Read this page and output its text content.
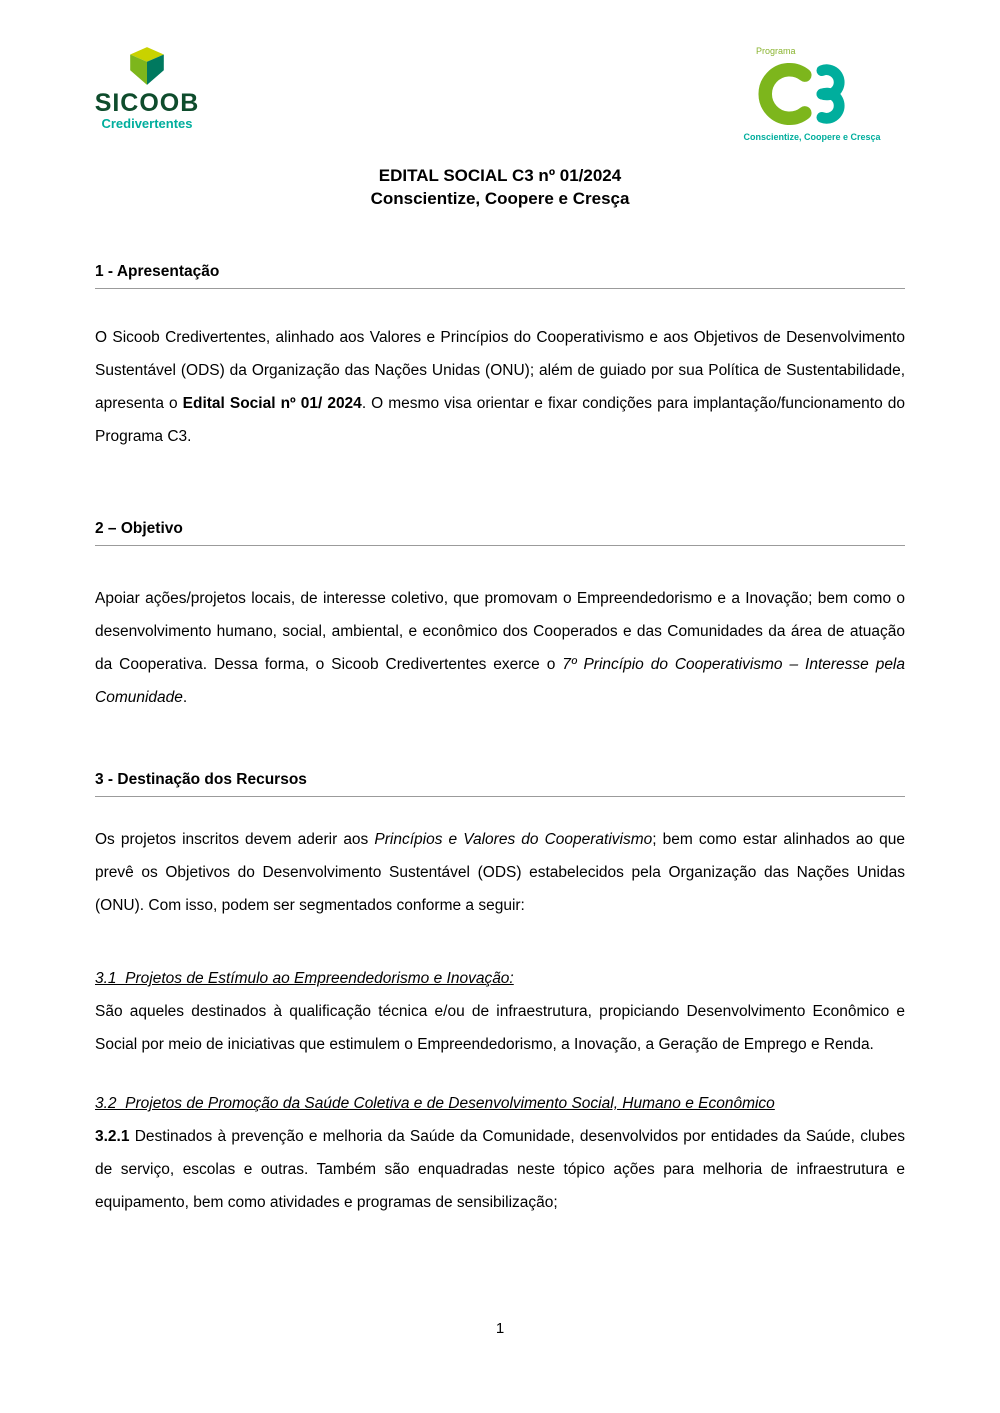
SICOOB
Credivertentes
Programa
Conscientize, Coopere e Cresça
EDITAL SOCIAL C3 nº 01/2024
Conscientize, Coopere e Cresça
1 - Apresentação

O Sicoob Credivertentes, alinhado aos Valores e Princípios do Cooperativismo e aos Objetivos de Desenvolvimento Sustentável (ODS) da Organização das Nações Unidas (ONU); além de guiado por sua Política de Sustentabilidade, apresenta o Edital Social nº 01/ 2024. O mesmo visa orientar e fixar condições para implantação/funcionamento do Programa C3.

2 – Objetivo

Apoiar ações/projetos locais, de interesse coletivo, que promovam o Empreendedorismo e a Inovação; bem como o desenvolvimento humano, social, ambiental, e econômico dos Cooperados e das Comunidades da área de atuação da Cooperativa. Dessa forma, o Sicoob Credivertentes exerce o 7º Princípio do Cooperativismo – Interesse pela Comunidade.

3 - Destinação dos Recursos

Os projetos inscritos devem aderir aos Princípios e Valores do Cooperativismo; bem como estar alinhados ao que prevê os Objetivos do Desenvolvimento Sustentável (ODS) estabelecidos pela Organização das Nações Unidas (ONU). Com isso, podem ser segmentados conforme a seguir:

3.1  Projetos de Estímulo ao Empreendedorismo e Inovação:

São aqueles destinados à qualificação técnica e/ou de infraestrutura, propiciando Desenvolvimento Econômico e Social por meio de iniciativas que estimulem o Empreendedorismo, a Inovação, a Geração de Emprego e Renda.

3.2  Projetos de Promoção da Saúde Coletiva e de Desenvolvimento Social, Humano e Econômico

3.2.1 Destinados à prevenção e melhoria da Saúde da Comunidade, desenvolvidos por entidades da Saúde, clubes de serviço, escolas e outras. Também são enquadradas neste tópico ações para melhoria de infraestrutura e equipamento, bem como atividades e programas de sensibilização;

1
